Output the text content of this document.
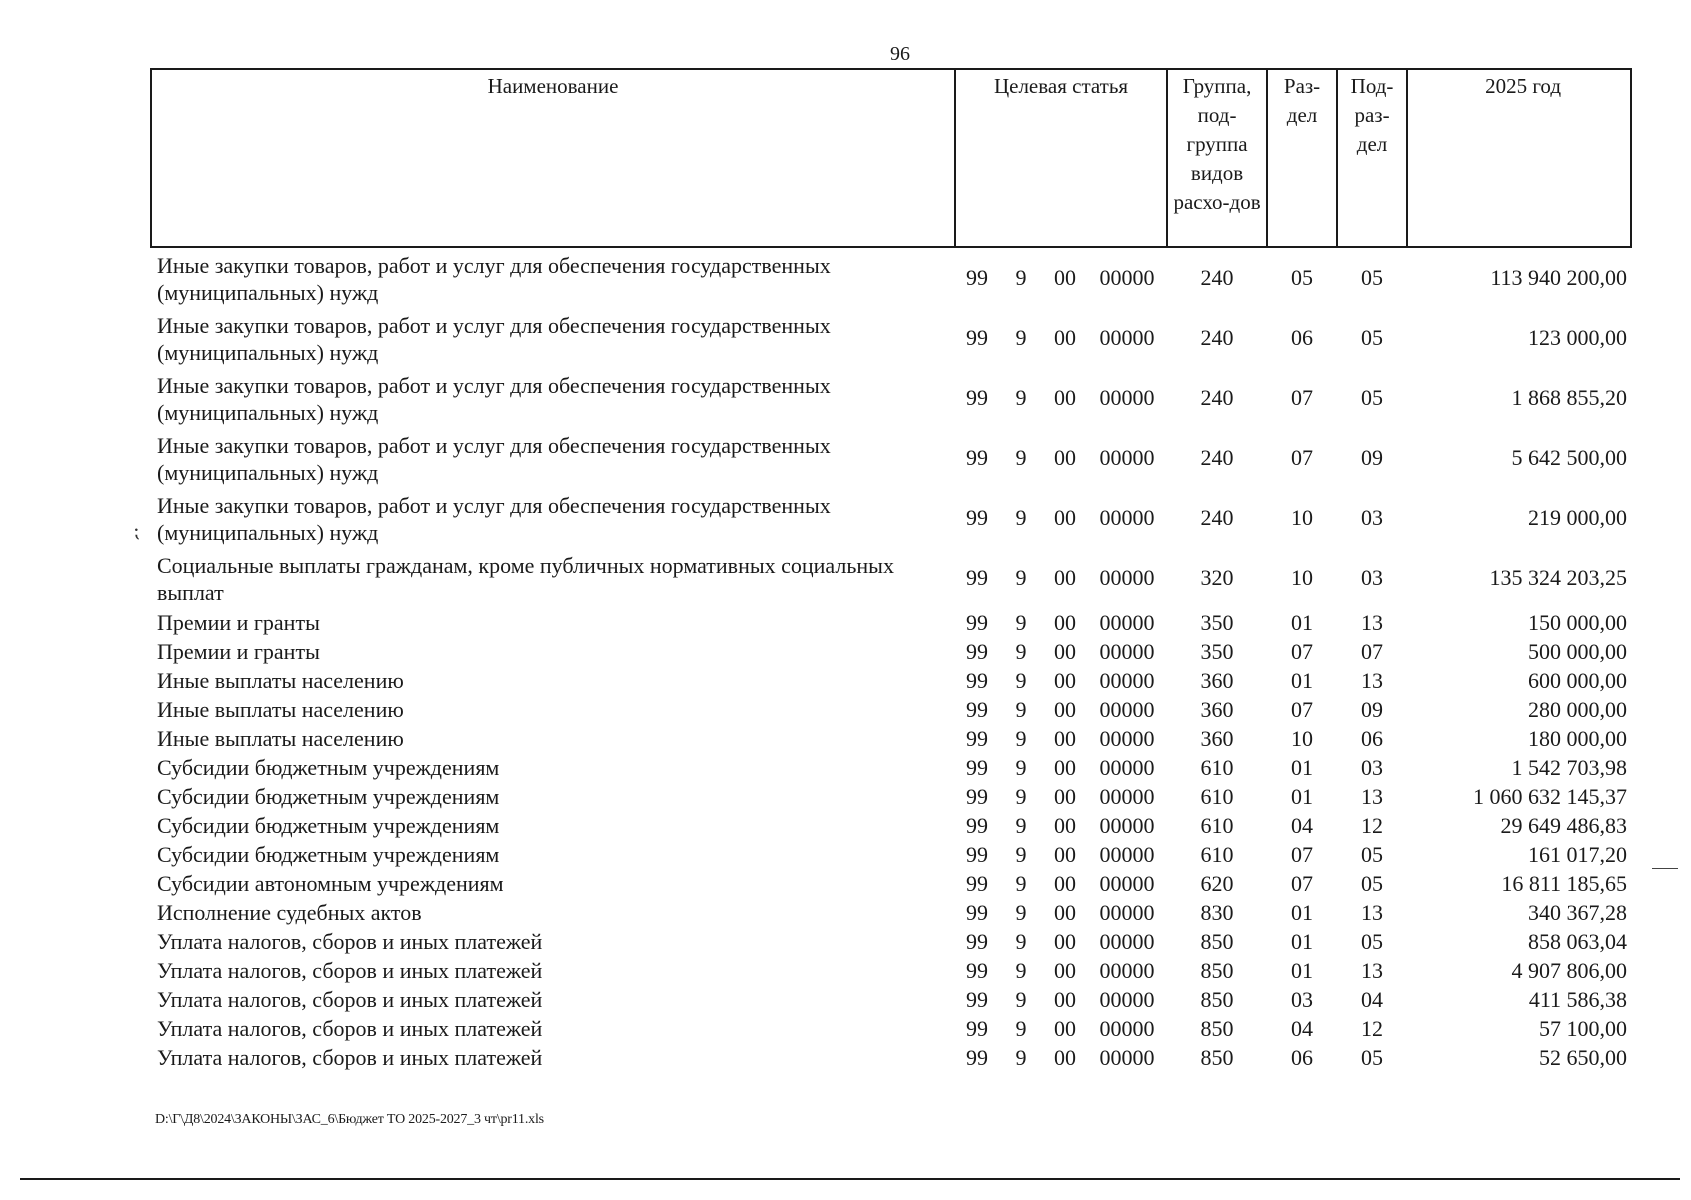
96
Наименование	Целевая статья				Группа, под-группа видов расхо-дов	Раз-дел	Под-раз-дел	2025 год
Иные закупки товаров, работ и услуг для обеспечения государственных (муниципальных) нужд	99	9	00	00000	240	05	05	113 940 200,00
Иные закупки товаров, работ и услуг для обеспечения государственных (муниципальных) нужд	99	9	00	00000	240	06	05	123 000,00
Иные закупки товаров, работ и услуг для обеспечения государственных (муниципальных) нужд	99	9	00	00000	240	07	05	1 868 855,20
Иные закупки товаров, работ и услуг для обеспечения государственных (муниципальных) нужд	99	9	00	00000	240	07	09	5 642 500,00
Иные закупки товаров, работ и услуг для обеспечения государственных (муниципальных) нужд	99	9	00	00000	240	10	03	219 000,00
Социальные выплаты гражданам, кроме публичных нормативных социальных выплат	99	9	00	00000	320	10	03	135 324 203,25
Премии и гранты	99	9	00	00000	350	01	13	150 000,00
Премии и гранты	99	9	00	00000	350	07	07	500 000,00
Иные выплаты населению	99	9	00	00000	360	01	13	600 000,00
Иные выплаты населению	99	9	00	00000	360	07	09	280 000,00
Иные выплаты населению	99	9	00	00000	360	10	06	180 000,00
Субсидии бюджетным учреждениям	99	9	00	00000	610	01	03	1 542 703,98
Субсидии бюджетным учреждениям	99	9	00	00000	610	01	13	1 060 632 145,37
Субсидии бюджетным учреждениям	99	9	00	00000	610	04	12	29 649 486,83
Субсидии бюджетным учреждениям	99	9	00	00000	610	07	05	161 017,20
Субсидии автономным учреждениям	99	9	00	00000	620	07	05	16 811 185,65
Исполнение судебных актов	99	9	00	00000	830	01	13	340 367,28
Уплата налогов, сборов и иных платежей	99	9	00	00000	850	01	05	858 063,04
Уплата налогов, сборов и иных платежей	99	9	00	00000	850	01	13	4 907 806,00
Уплата налогов, сборов и иных платежей	99	9	00	00000	850	03	04	411 586,38
Уплата налогов, сборов и иных платежей	99	9	00	00000	850	04	12	57 100,00
Уплата налогов, сборов и иных платежей	99	9	00	00000	850	06	05	52 650,00
⁏
D:\Г\Д8\2024\ЗАКОНЫ\ЗАС_6\Бюджет ТО 2025-2027_3 чт\pr11.xls
